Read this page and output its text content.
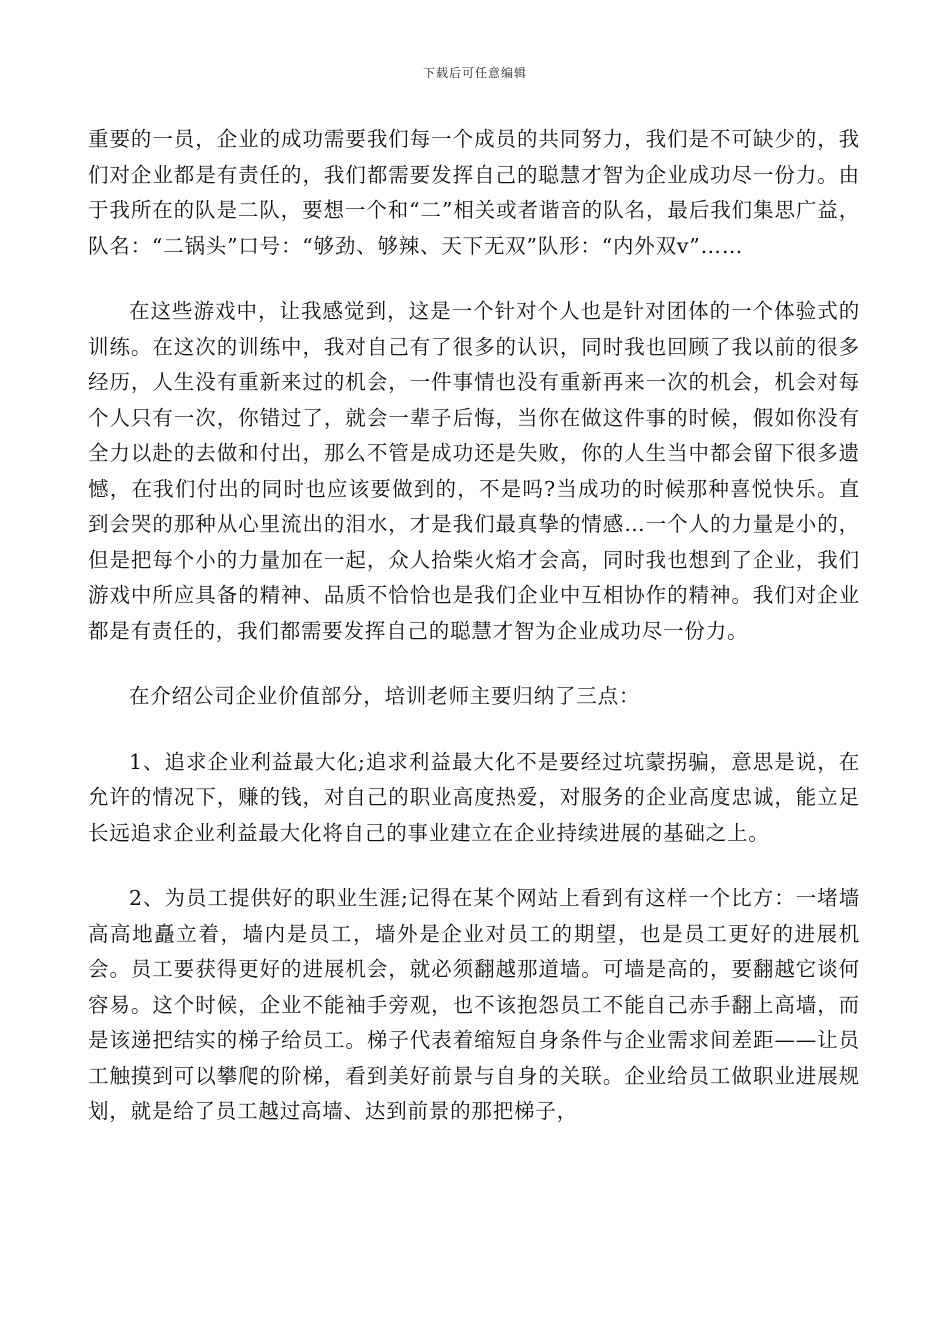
下载后可任意编辑

重要的一员，企业的成功需要我们每一个成员的共同努力，我们是不可缺少的，我们对企业都是有责任的，我们都需要发挥自己的聪慧才智为企业成功尽一份力。由于我所在的队是二队，要想一个和“二”相关或者谐音的队名，最后我们集思广益，队名：“二锅头”口号：“够劲、够辣、天下无双”队形：“内外双v”……

在这些游戏中，让我感觉到，这是一个针对个人也是针对团体的一个体验式的训练。在这次的训练中，我对自己有了很多的认识，同时我也回顾了我以前的很多经历，人生没有重新来过的机会，一件事情也没有重新再来一次的机会，机会对每个人只有一次，你错过了，就会一辈子后悔，当你在做这件事的时候，假如你没有全力以赴的去做和付出，那么不管是成功还是失败，你的人生当中都会留下很多遗憾，在我们付出的同时也应该要做到的，不是吗?当成功的时候那种喜悦快乐。直到会哭的那种从心里流出的泪水，才是我们最真挚的情感…一个人的力量是小的，但是把每个小的力量加在一起，众人拾柴火焰才会高，同时我也想到了企业，我们游戏中所应具备的精神、品质不恰恰也是我们企业中互相协作的精神。我们对企业都是有责任的，我们都需要发挥自己的聪慧才智为企业成功尽一份力。

在介绍公司企业价值部分，培训老师主要归纳了三点：

1、追求企业利益最大化;追求利益最大化不是要经过坑蒙拐骗，意思是说，在允许的情况下，赚的钱，对自己的职业高度热爱，对服务的企业高度忠诚，能立足长远追求企业利益最大化将自己的事业建立在企业持续进展的基础之上。

2、为员工提供好的职业生涯;记得在某个网站上看到有这样一个比方：一堵墙高高地矗立着，墙内是员工，墙外是企业对员工的期望，也是员工更好的进展机会。员工要获得更好的进展机会，就必须翻越那道墙。可墙是高的，要翻越它谈何容易。这个时候，企业不能袖手旁观，也不该抱怨员工不能自己赤手翻上高墙，而是该递把结实的梯子给员工。梯子代表着缩短自身条件与企业需求间差距——让员工触摸到可以攀爬的阶梯，看到美好前景与自身的关联。企业给员工做职业进展规划，就是给了员工越过高墙、达到前景的那把梯子，
